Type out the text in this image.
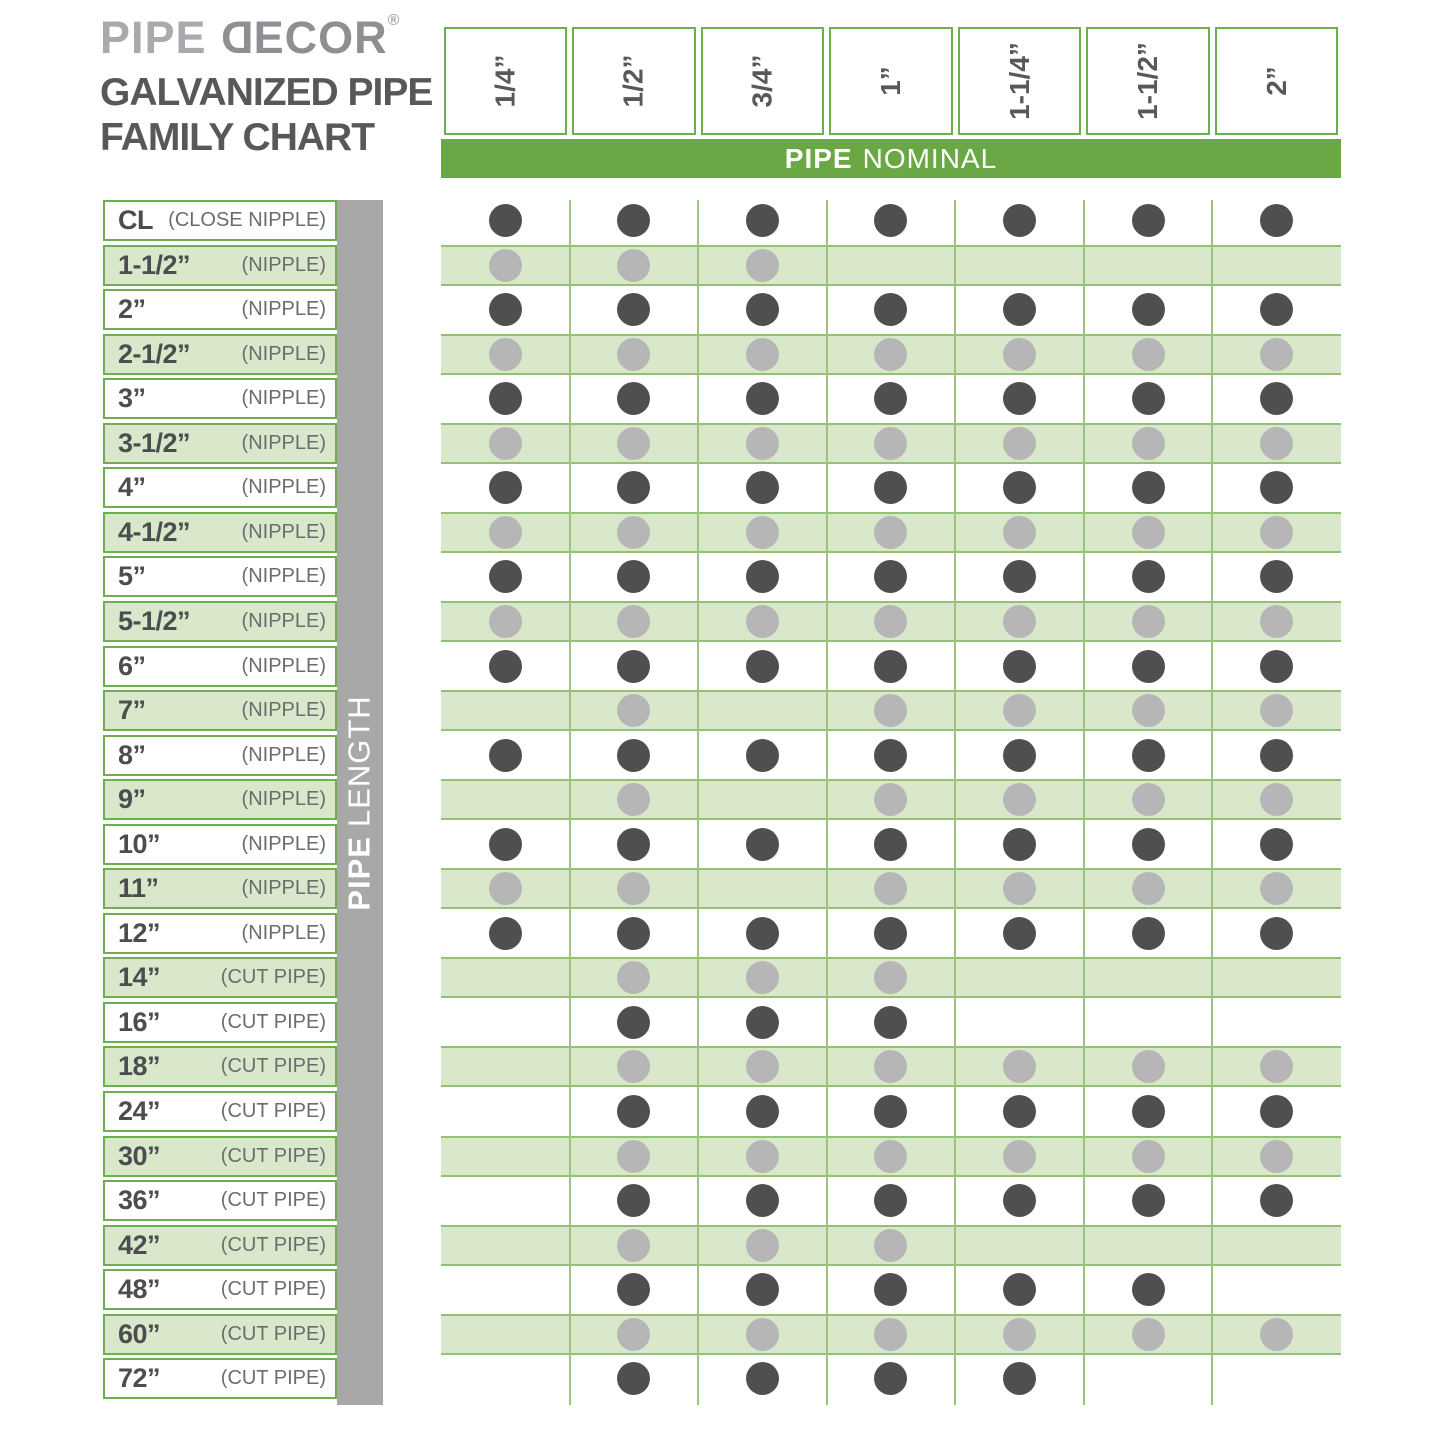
PIPE DECOR®
GALVANIZED PIPE
FAMILY CHART
1/4”	1/2”	3/4”	1”	1-1/4”	1-1/2”	2”
PIPE NOMINAL
PIPELENGTH
CL (CLOSE NIPPLE)
1-1/2”	(NIPPLE)
2”	(NIPPLE)
2-1/2”	(NIPPLE)
3”	(NIPPLE)
3-1/2”	(NIPPLE)
4”	(NIPPLE)
4-1/2”	(NIPPLE)
5”	(NIPPLE)
5-1/2”	(NIPPLE)
6”	(NIPPLE)
7”	(NIPPLE)
8”	(NIPPLE)
9”	(NIPPLE)
10”	(NIPPLE)
11”	(NIPPLE)
12”	(NIPPLE)
14”	(CUT PIPE)
16”	(CUT PIPE)
18”	(CUT PIPE)
24”	(CUT PIPE)
30”	(CUT PIPE)
36”	(CUT PIPE)
42”	(CUT PIPE)
48”	(CUT PIPE)
60”	(CUT PIPE)
72”	(CUT PIPE)
